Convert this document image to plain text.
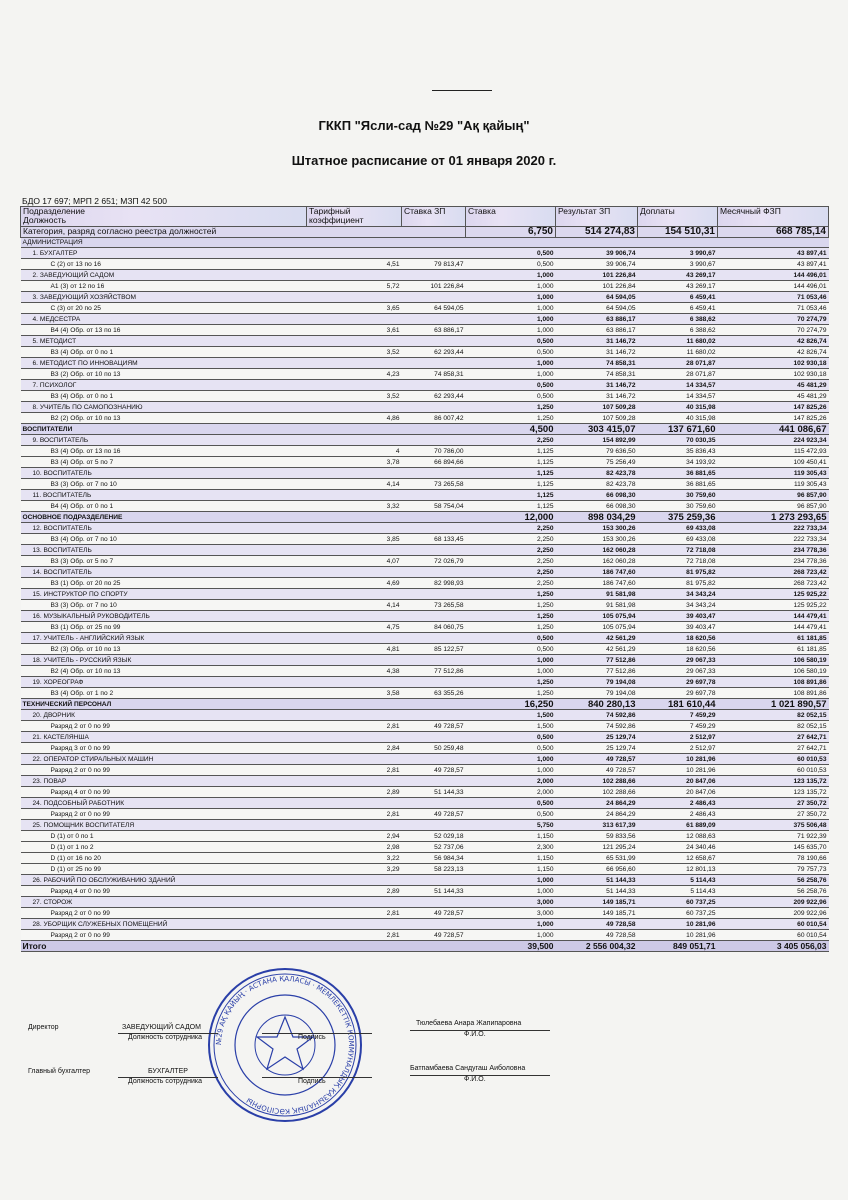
ГККП "Ясли-сад №29 "Ақ қайың"
Штатное расписание от 01 января 2020 г.
БДО 17 697; МРП 2 651; МЗП 42 500
Подразделение
Должность	Тарифный коэффициент	Ставка ЗП	Ставка	Результат ЗП	Доплаты	Месячный ФЗП
Категория, разряд согласно реестра должностей			6,750	514 274,83	154 510,31	668 785,14
АДМИНИСТРАЦИЯ						
1. БУХГАЛТЕР			0,500	39 906,74	3 990,67	43 897,41
С (2) от 13 по 16	4,51	79 813,47	0,500	39 906,74	3 990,67	43 897,41
2. ЗАВЕДУЮЩИЙ САДОМ			1,000	101 226,84	43 269,17	144 496,01
А1 (3) от 12 по 16	5,72	101 226,84	1,000	101 226,84	43 269,17	144 496,01
3. ЗАВЕДУЮЩИЙ ХОЗЯЙСТВОМ			1,000	64 594,05	6 459,41	71 053,46
С (3) от 20 по 25	3,65	64 594,05	1,000	64 594,05	6 459,41	71 053,46
4. МЕДСЕСТРА			1,000	63 886,17	6 388,62	70 274,79
В4 (4) Обр. от 13 по 16	3,61	63 886,17	1,000	63 886,17	6 388,62	70 274,79
5. МЕТОДИСТ			0,500	31 146,72	11 680,02	42 826,74
В3 (4) Обр. от 0 по 1	3,52	62 293,44	0,500	31 146,72	11 680,02	42 826,74
6. МЕТОДИСТ ПО ИННОВАЦИЯМ			1,000	74 858,31	28 071,87	102 930,18
В3 (2) Обр. от 10 по 13	4,23	74 858,31	1,000	74 858,31	28 071,87	102 930,18
7. ПСИХОЛОГ			0,500	31 146,72	14 334,57	45 481,29
В3 (4) Обр. от 0 по 1	3,52	62 293,44	0,500	31 146,72	14 334,57	45 481,29
8. УЧИТЕЛЬ ПО САМОПОЗНАНИЮ			1,250	107 509,28	40 315,98	147 825,26
В2 (2) Обр. от 10 по 13	4,86	86 007,42	1,250	107 509,28	40 315,98	147 825,26
ВОСПИТАТЕЛИ			4,500	303 415,07	137 671,60	441 086,67
9. ВОСПИТАТЕЛЬ			2,250	154 892,99	70 030,35	224 923,34
В3 (4) Обр. от 13 по 16	4	70 786,00	1,125	79 636,50	35 836,43	115 472,93
В3 (4) Обр. от 5 по 7	3,78	66 894,66	1,125	75 256,49	34 193,92	109 450,41
10. ВОСПИТАТЕЛЬ			1,125	82 423,78	36 881,65	119 305,43
В3 (3) Обр. от 7 по 10	4,14	73 265,58	1,125	82 423,78	36 881,65	119 305,43
11. ВОСПИТАТЕЛЬ			1,125	66 098,30	30 759,60	96 857,90
В4 (4) Обр. от 0 по 1	3,32	58 754,04	1,125	66 098,30	30 759,60	96 857,90
ОСНОВНОЕ ПОДРАЗДЕЛЕНИЕ			12,000	898 034,29	375 259,36	1 273 293,65
12. ВОСПИТАТЕЛЬ			2,250	153 300,26	69 433,08	222 733,34
В3 (4) Обр. от 7 по 10	3,85	68 133,45	2,250	153 300,26	69 433,08	222 733,34
13. ВОСПИТАТЕЛЬ			2,250	162 060,28	72 718,08	234 778,36
В3 (3) Обр. от 5 по 7	4,07	72 026,79	2,250	162 060,28	72 718,08	234 778,36
14. ВОСПИТАТЕЛЬ			2,250	186 747,60	81 975,82	268 723,42
В3 (1) Обр. от 20 по 25	4,69	82 998,93	2,250	186 747,60	81 975,82	268 723,42
15. ИНСТРУКТОР ПО СПОРТУ			1,250	91 581,98	34 343,24	125 925,22
В3 (3) Обр. от 7 по 10	4,14	73 265,58	1,250	91 581,98	34 343,24	125 925,22
16. МУЗЫКАЛЬНЫЙ РУКОВОДИТЕЛЬ			1,250	105 075,94	39 403,47	144 479,41
В3 (1) Обр. от 25 по 99	4,75	84 060,75	1,250	105 075,94	39 403,47	144 479,41
17. УЧИТЕЛЬ - АНГЛИЙСКИЙ ЯЗЫК			0,500	42 561,29	18 620,56	61 181,85
В2 (3) Обр. от 10 по 13	4,81	85 122,57	0,500	42 561,29	18 620,56	61 181,85
18. УЧИТЕЛЬ - РУССКИЙ ЯЗЫК			1,000	77 512,86	29 067,33	106 580,19
В2 (4) Обр. от 10 по 13	4,38	77 512,86	1,000	77 512,86	29 067,33	106 580,19
19. ХОРЕОГРАФ			1,250	79 194,08	29 697,78	108 891,86
В3 (4) Обр. от 1 по 2	3,58	63 355,26	1,250	79 194,08	29 697,78	108 891,86
ТЕХНИЧЕСКИЙ ПЕРСОНАЛ			16,250	840 280,13	181 610,44	1 021 890,57
20. ДВОРНИК			1,500	74 592,86	7 459,29	82 052,15
Разряд 2 от 0 по 99	2,81	49 728,57	1,500	74 592,86	7 459,29	82 052,15
21. КАСТЕЛЯНША			0,500	25 129,74	2 512,97	27 642,71
Разряд 3 от 0 по 99	2,84	50 259,48	0,500	25 129,74	2 512,97	27 642,71
22. ОПЕРАТОР СТИРАЛЬНЫХ МАШИН			1,000	49 728,57	10 281,96	60 010,53
Разряд 2 от 0 по 99	2,81	49 728,57	1,000	49 728,57	10 281,96	60 010,53
23. ПОВАР			2,000	102 288,66	20 847,06	123 135,72
Разряд 4 от 0 по 99	2,89	51 144,33	2,000	102 288,66	20 847,06	123 135,72
24. ПОДСОБНЫЙ РАБОТНИК			0,500	24 864,29	2 486,43	27 350,72
Разряд 2 от 0 по 99	2,81	49 728,57	0,500	24 864,29	2 486,43	27 350,72
25. ПОМОЩНИК ВОСПИТАТЕЛЯ			5,750	313 617,39	61 889,09	375 506,48
D (1) от 0 по 1	2,94	52 029,18	1,150	59 833,56	12 088,63	71 922,39
D (1) от 1 по 2	2,98	52 737,06	2,300	121 295,24	24 340,46	145 635,70
D (1) от 16 по 20	3,22	56 984,34	1,150	65 531,99	12 658,67	78 190,66
D (1) от 25 по 99	3,29	58 223,13	1,150	66 956,60	12 801,13	79 757,73
26. РАБОЧИЙ ПО ОБСЛУЖИВАНИЮ ЗДАНИЙ			1,000	51 144,33	5 114,43	56 258,76
Разряд 4 от 0 по 99	2,89	51 144,33	1,000	51 144,33	5 114,43	56 258,76
27. СТОРОЖ			3,000	149 185,71	60 737,25	209 922,96
Разряд 2 от 0 по 99	2,81	49 728,57	3,000	149 185,71	60 737,25	209 922,96
28. УБОРЩИК СЛУЖЕБНЫХ ПОМЕЩЕНИЙ			1,000	49 728,58	10 281,96	60 010,54
Разряд 2 от 0 по 99	2,81	49 728,57	1,000	49 728,58	10 281,96	60 010,54
Итого			39,500	2 556 004,32	849 051,71	3 405 056,03
№29 АҚ ҚАЙЫҢ · АСТАНА ҚАЛАСЫ · МЕМЛЕКЕТТІК КОММУНАЛДЫҚ ҚАЗЫНАЛЫҚ КӘСІПОРНЫ
Директор	ЗАВЕДУЮЩИЙ САДОМ
Должность сотрудника	Подпись
Тюлебаева Анара Жапипаровна
Ф.И.О.
Главный бухгалтер	БУХГАЛТЕР
Должность сотрудника	Подпись
Батпамбаева Сандугаш Аиболовна
Ф.И.О.
